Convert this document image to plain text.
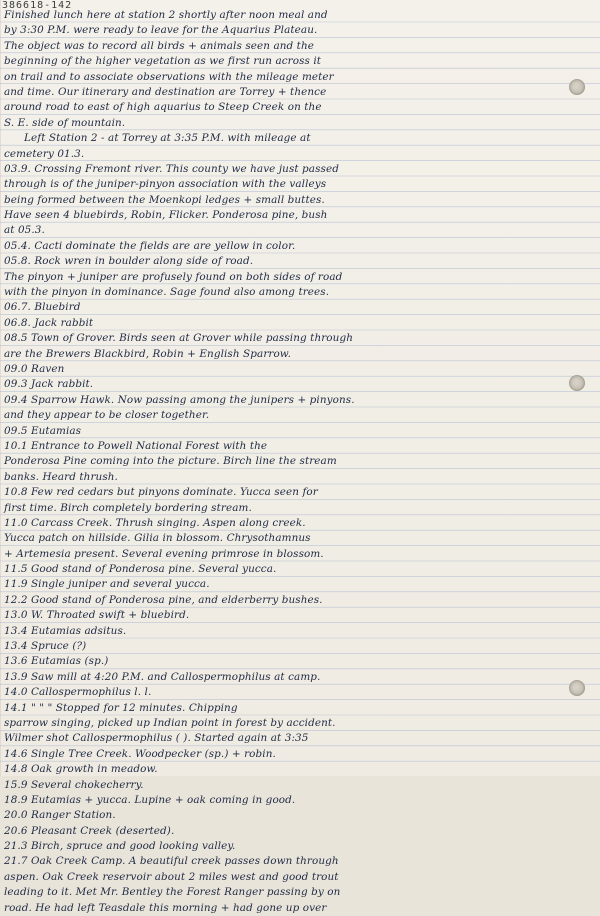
386618-142
Finished lunch here at station 2 shortly after noon meal and
by 3:30 P.M. were ready to leave for the Aquarius Plateau.
The object was to record all birds + animals seen and the
beginning of the higher vegetation as we first run across it
on trail and to associate observations with the mileage meter
and time. Our itinerary and destination are Torrey + thence
around road to east of high aquarius to Steep Creek on the
S. E. side of mountain.
Left Station 2 - at Torrey at 3:35 P.M. with mileage at
cemetery 01.3.
03.9. Crossing Fremont river. This county we have just passed
through is of the juniper-pinyon association with the valleys
being formed between the Moenkopi ledges + small buttes.
Have seen 4 bluebirds, Robin, Flicker. Ponderosa pine, bush
at 05.3.
05.4. Cacti dominate the fields are are yellow in color.
05.8. Rock wren in boulder along side of road.
The pinyon + juniper are profusely found on both sides of road
with the pinyon in dominance. Sage found also among trees.
06.7. Bluebird
06.8. Jack rabbit
08.5 Town of Grover. Birds seen at Grover while passing through
are the Brewers Blackbird, Robin + English Sparrow.
09.0 Raven
09.3 Jack rabbit.
09.4 Sparrow Hawk. Now passing among the junipers + pinyons.
and they appear to be closer together.
09.5 Eutamias
10.1 Entrance to Powell National Forest with the
Ponderosa Pine coming into the picture. Birch line the stream
banks. Heard thrush.
10.8 Few red cedars but pinyons dominate. Yucca seen for
first time. Birch completely bordering stream.
11.0 Carcass Creek. Thrush singing. Aspen along creek.
Yucca patch on hillside. Gilia in blossom. Chrysothamnus
+ Artemesia present. Several evening primrose in blossom.
11.5 Good stand of Ponderosa pine. Several yucca.
11.9 Single juniper and several yucca.
12.2 Good stand of Ponderosa pine, and elderberry bushes.
13.0 W. Throated swift + bluebird.
13.4 Eutamias adsitus.
13.4 Spruce (?)
13.6 Eutamias (sp.)
13.9 Saw mill at 4:20 P.M. and Callospermophilus at camp.
14.0 Callospermophilus l. l.
14.1 " " " Stopped for 12 minutes. Chipping
sparrow singing, picked up Indian point in forest by accident.
Wilmer shot Callospermophilus ( ). Started again at 3:35
14.6 Single Tree Creek. Woodpecker (sp.) + robin.
14.8 Oak growth in meadow.
15.9 Several chokecherry.
18.9 Eutamias + yucca. Lupine + oak coming in good.
20.0 Ranger Station.
20.6 Pleasant Creek (deserted).
21.3 Birch, spruce and good looking valley.
21.7 Oak Creek Camp. A beautiful creek passes down through
aspen. Oak Creek reservoir about 2 miles west and good trout
leading to it. Met Mr. Bentley the Forest Ranger passing by on
road. He had left Teasdale this morning + had gone up over
